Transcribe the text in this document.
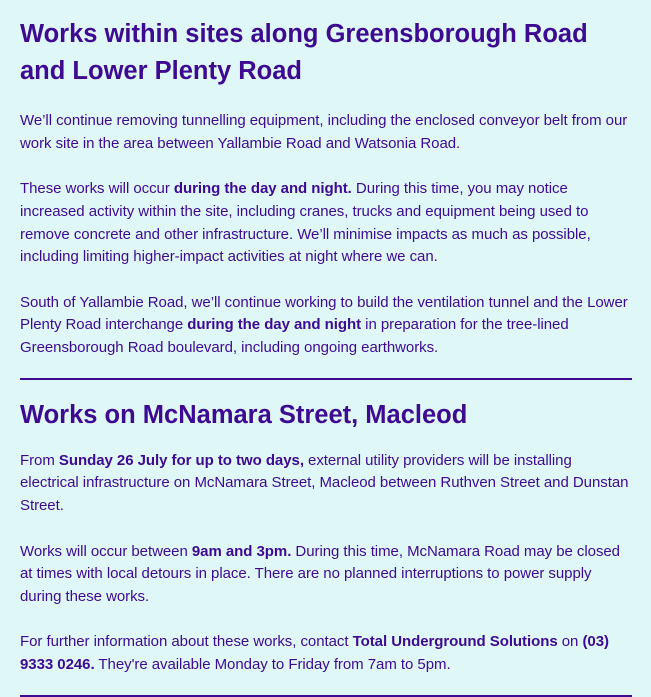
Works within sites along Greensborough Road and Lower Plenty Road

We’ll continue removing tunnelling equipment, including the enclosed conveyor belt from our work site in the area between Yallambie Road and Watsonia Road.

These works will occur during the day and night. During this time, you may notice increased activity within the site, including cranes, trucks and equipment being used to remove concrete and other infrastructure. We’ll minimise impacts as much as possible, including limiting higher-impact activities at night where we can.

South of Yallambie Road, we’ll continue working to build the ventilation tunnel and the Lower Plenty Road interchange during the day and night in preparation for the tree-lined Greensborough Road boulevard, including ongoing earthworks.

Works on McNamara Street, Macleod

From Sunday 26 July for up to two days, external utility providers will be installing electrical infrastructure on McNamara Street, Macleod between Ruthven Street and Dunstan Street.

Works will occur between 9am and 3pm. During this time, McNamara Road may be closed at times with local detours in place. There are no planned interruptions to power supply during these works.

For further information about these works, contact Total Underground Solutions on (03) 9333 0246. They're available Monday to Friday from 7am to 5pm.
